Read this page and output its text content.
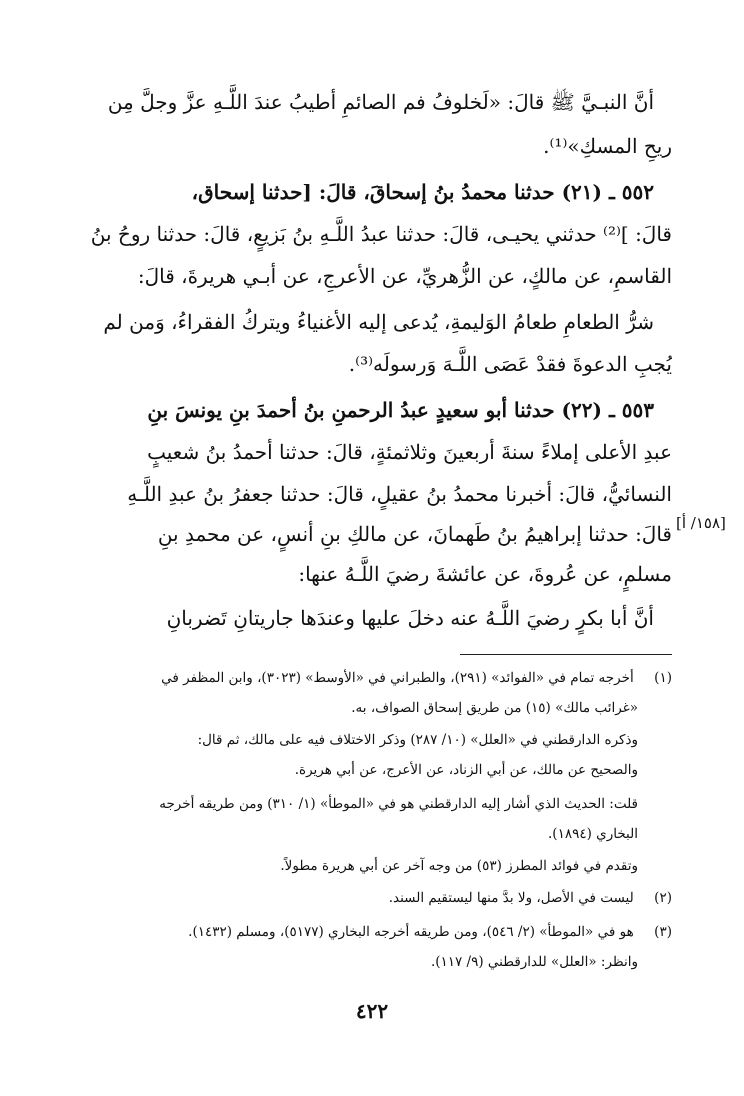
أنَّ النبـيَّ ﷺ قالَ: «لَخلوفُ فم الصائمِ أطيبُ عندَ اللَّـهِ عزَّ وجلَّ مِن
ريحِ المسكِ»⁽¹⁾.
٥٥٢ ـ (٢١) حدثنا محمدُ بنُ إسحاقَ، قالَ: [حدثنا إسحاق،
قالَ: ]⁽²⁾ حدثني يحيـى، قالَ: حدثنا عبدُ اللَّـهِ بنُ بَزيعٍ، قالَ: حدثنا روحُ بنُ
القاسمِ، عن مالكٍ، عن الزُّهريِّ، عن الأعرجِ، عن أبـي هريرةَ، قالَ:
شرُّ الطعامِ طعامُ الوَليمةِ، يُدعى إليه الأغنياءُ ويتركُ الفقراءُ، وَمن لم
يُجبِ الدعوةَ فقدْ عَصَى اللَّـهَ وَرسولَه⁽³⁾.
٥٥٣ ـ (٢٢) حدثنا أبو سعيدٍ عبدُ الرحمنِ بنُ أحمدَ بنِ يونسَ بنِ
عبدِ الأعلى إملاءً سنةَ أربعينَ وثلاثمئةٍ، قالَ: حدثنا أحمدُ بنُ شعيبٍ
النسائيُّ، قالَ: أخبرنا محمدُ بنُ عقيلٍ، قالَ: حدثنا جعفرُ بنُ عبدِ اللَّـهِ
قالَ: حدثنا إبراهيمُ بنُ طَهمانَ، عن مالكِ بنِ أنسٍ، عن محمدِ بنِ
مسلمٍ، عن عُروةَ، عن عائشةَ رضيَ اللَّـهُ عنها:
أنَّ أبا بكرٍ رضيَ اللَّـهُ عنه دخلَ عليها وعندَها جاريتانِ تَضربانِ
[١٥٨/ أ]
(١) أخرجه تمام في «الفوائد» (٢٩١)، والطبراني في «الأوسط» (٣٠٢٣)، وابن المظفر في
«غرائب مالك» (١٥) من طريق إسحاق الصواف، به.
وذكره الدارقطني في «العلل» (١٠/ ٢٨٧) وذكر الاختلاف فيه على مالك، ثم قال:
والصحيح عن مالك، عن أبي الزناد، عن الأعرج، عن أبي هريرة.
قلت: الحديث الذي أشار إليه الدارقطني هو في «الموطأ» (١/ ٣١٠) ومن طريقه أخرجه
البخاري (١٨٩٤).
وتقدم في فوائد المطرز (٥٣) من وجه آخر عن أبي هريرة مطولاً.
(٢) ليست في الأصل، ولا بدَّ منها ليستقيم السند.
(٣) هو في «الموطأ» (٢/ ٥٤٦)، ومن طريقه أخرجه البخاري (٥١٧٧)، ومسلم (١٤٣٢).
وانظر: «العلل» للدارقطني (٩/ ١١٧).
٤٢٢
